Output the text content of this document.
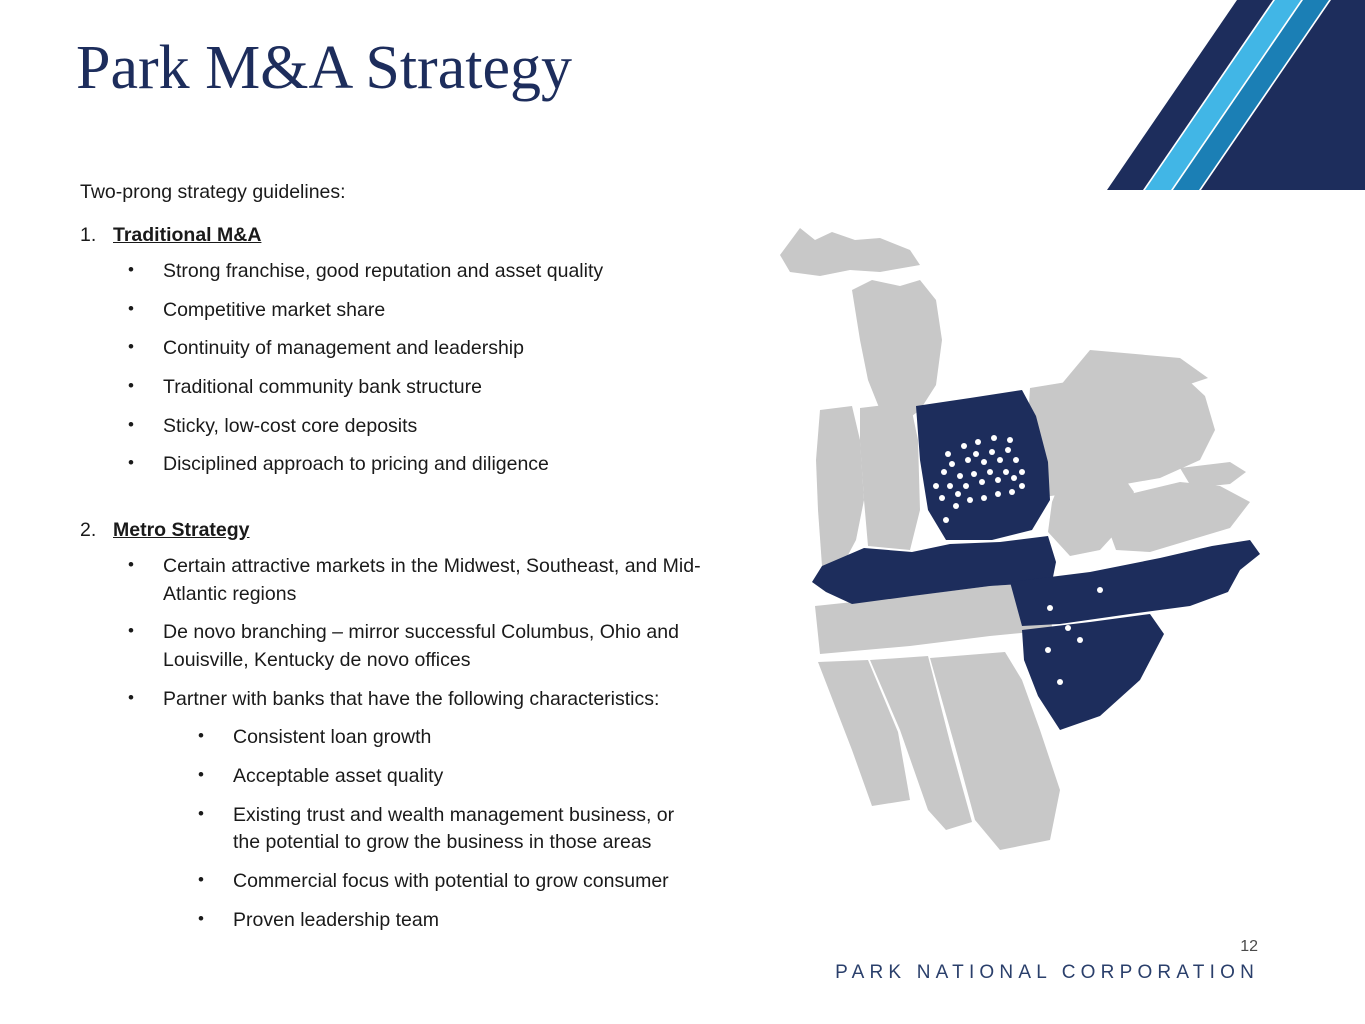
Park M&A Strategy
Two-prong strategy guidelines:
1. Traditional M&A
•	Strong franchise, good reputation and asset quality
•	Competitive market share
•	Continuity of management and leadership
•	Traditional community bank structure
•	Sticky, low-cost core deposits
•	Disciplined approach to pricing and diligence
2. Metro Strategy
•	Certain attractive markets in the Midwest, Southeast, and Mid-Atlantic regions
•	De novo branching – mirror successful Columbus, Ohio and Louisville, Kentucky de novo offices
•	Partner with banks that have the following characteristics:
•	Consistent loan growth
•	Acceptable asset quality
•	Existing trust and wealth management business, or the potential to grow the business in those areas
•	Commercial focus with potential to grow consumer
•	Proven leadership team
12
PARK NATIONAL CORPORATION
